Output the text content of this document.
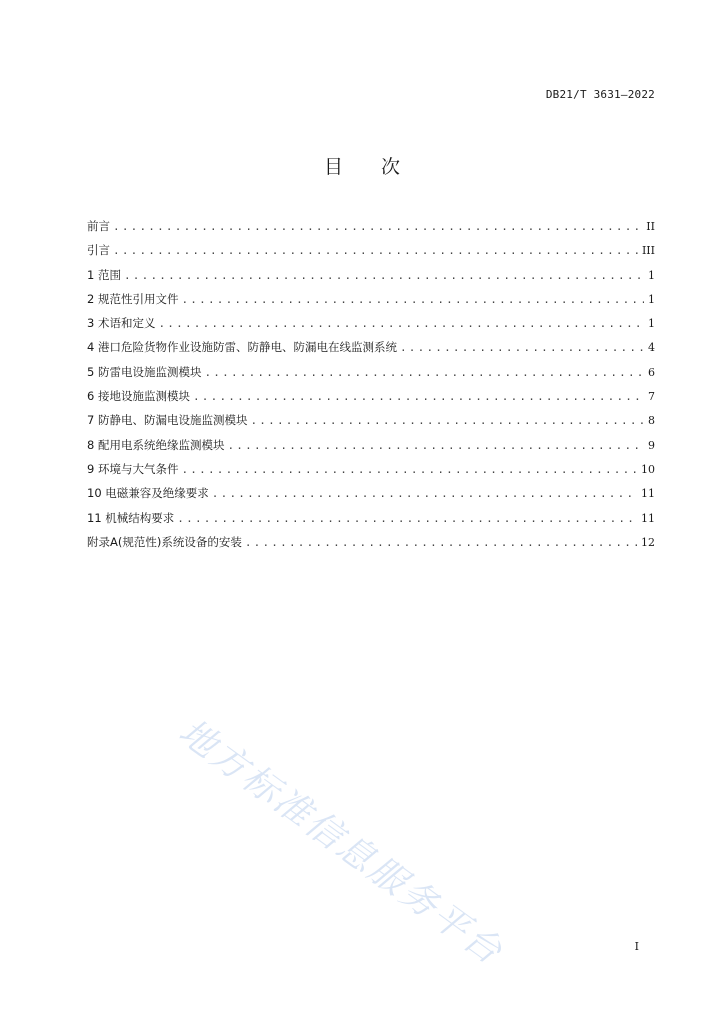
DB21/T 3631—2022
目 次
前言 .....	II
引言 .....	III
1 范围 .....	1
2 规范性引用文件 .....	1
3 术语和定义 .....	1
4 港口危险货物作业设施防雷、防静电、防漏电在线监测系统 .....	4
5 防雷电设施监测模块 .....	6
6 接地设施监测模块 .....	7
7 防静电、防漏电设施监测模块 .....	8
8 配用电系统绝缘监测模块 .....	9
9 环境与大气条件 .....	10
10 电磁兼容及绝缘要求 .....	11
11 机械结构要求 .....	11
附录A(规范性)系统设备的安装 .....	12
地方标准信息服务平台	I
